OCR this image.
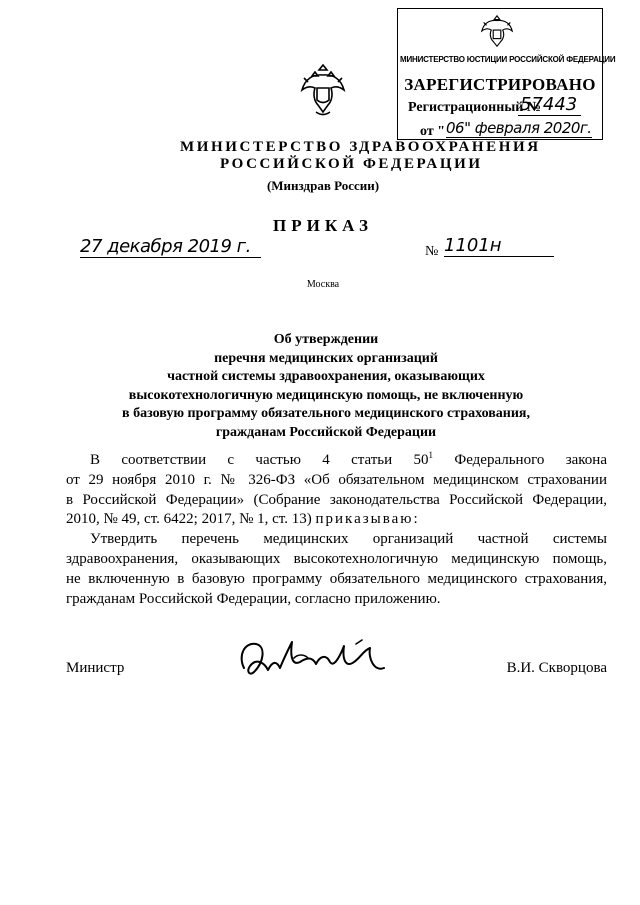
МИНИСТЕРСТВО ЮСТИЦИИ РОССИЙСКОЙ ФЕДЕРАЦИИ
ЗАРЕГИСТРИРОВАНО
Регистрационный №
57443
от " 06" февраля 2020г.
МИНИСТЕРСТВО ЗДРАВООХРАНЕНИЯ
РОССИЙСКОЙ ФЕДЕРАЦИИ
(Минздрав России)
ПРИКАЗ
27 декабря 2019 г.	№ 1101н
Москва
Об утверждении
перечня медицинских организаций
частной системы здравоохранения, оказывающих
высокотехнологичную медицинскую помощь, не включенную
в базовую программу обязательного медицинского страхования,
гражданам Российской Федерации
В соответствии с частью 4 статьи $50^1$ Федерального закона
от 29 ноября 2010 г. № 326-ФЗ «Об обязательном медицинском страховании
в Российской Федерации» (Собрание законодательства Российской Федерации,
2010, № 49, ст. 6422; 2017, № 1, ст. 13) приказываю:
Утвердить перечень медицинских организаций частной системы
здравоохранения, оказывающих высокотехнологичную медицинскую помощь,
не включенную в базовую программу обязательного медицинского страхования,
гражданам Российской Федерации, согласно приложению.
Министр	В.И. Скворцова
